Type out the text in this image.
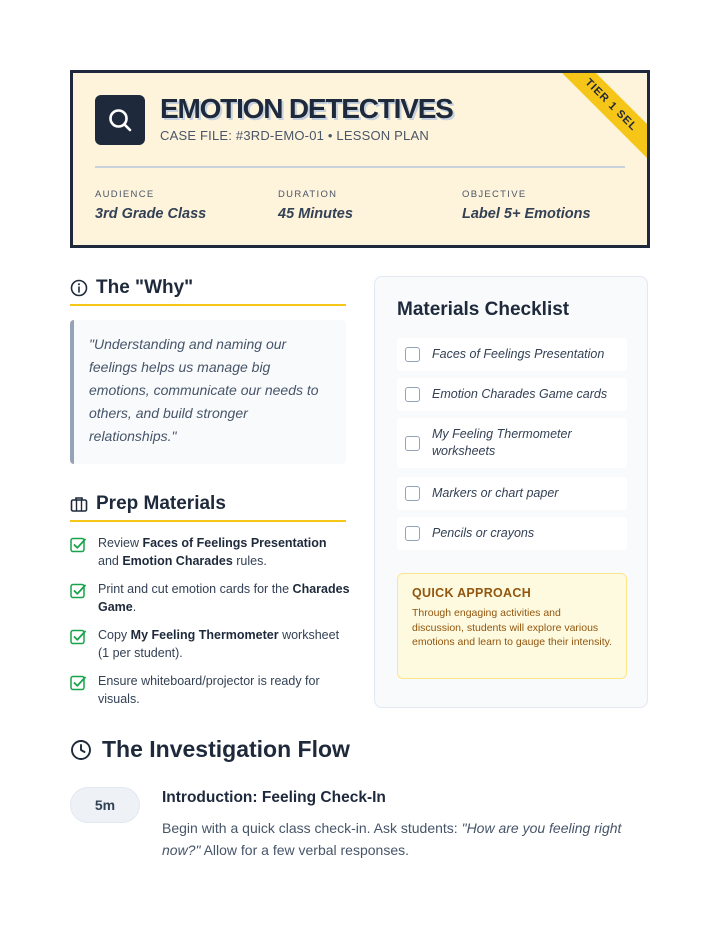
TIER 1 SEL
EMOTION DETECTIVES
CASE FILE: #3RD-EMO-01 • LESSON PLAN
AUDIENCE
3rd Grade Class
DURATION
45 Minutes
OBJECTIVE
Label 5+ Emotions
The "Why"
"Understanding and naming our feelings helps us manage big emotions, communicate our needs to others, and build stronger relationships."
Prep Materials
Review Faces of Feelings Presentation and Emotion Charades rules.
Print and cut emotion cards for the Charades Game.
Copy My Feeling Thermometer worksheet (1 per student).
Ensure whiteboard/projector is ready for visuals.
Materials Checklist
Faces of Feelings Presentation
Emotion Charades Game cards
My Feeling Thermometer worksheets
Markers or chart paper
Pencils or crayons
QUICK APPROACH
Through engaging activities and discussion, students will explore various emotions and learn to gauge their intensity.
The Investigation Flow
5m	Introduction: Feeling Check-In
Begin with a quick class check-in. Ask students: "How are you feeling right now?" Allow for a few verbal responses.
